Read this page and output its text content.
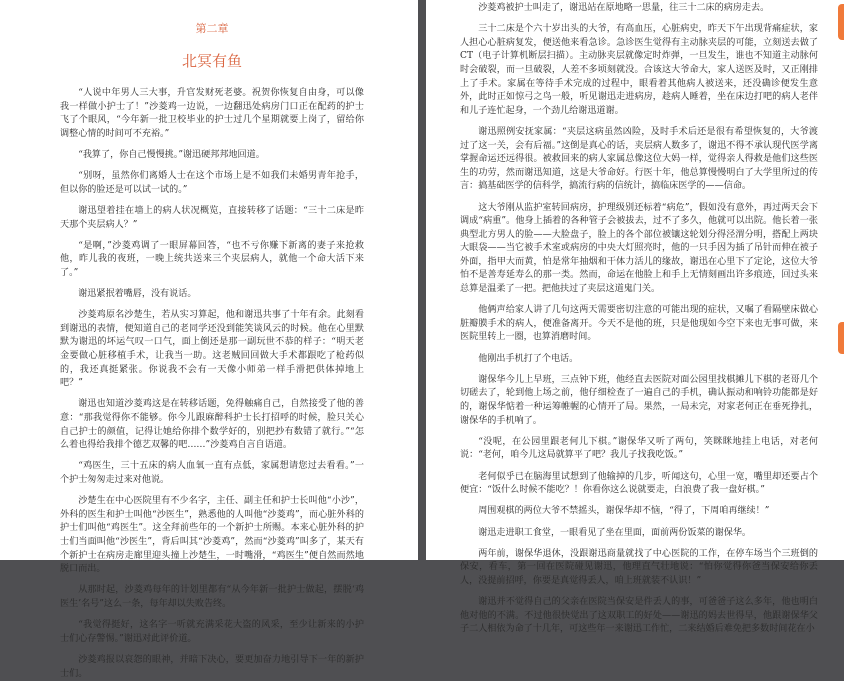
第二章
北冥有鱼

“人说中年男人三大事，升官发财死老婆。祝贺你恢复自由身，可以像我一样做小护士了！”沙菱鸡一边说，一边翻迅处病房门口正在配药的护士飞了个眼风，“今年新一批卫校毕业的护士过几个星期就要上岗了，留给你调整心情的时间可不充裕。”

“我算了，你自己慢慢挑。”谢迅硬邦邦地回道。

“别呀，虽然你们离婚人士在这个市场上是不如我们未婚男青年抢手，但以你的脸还是可以试一试的。”

谢迅望着挂在墙上的病人状况概览，直接转移了话题：“三十二床是昨天那个夹层病人？”

“是啊，”沙菱鸡调了一眼屏幕回答，“也不亏你赚下新离的妻子来抢救他，昨儿我的夜班，一晚上统共送来三个夹层病人，就他一个命大活下来了。”

谢迅紧抿着嘴唇，没有说话。

沙菱鸡原名沙楚生，若从实习算起，他和谢迅共事了十年有余。此刻看到谢迅的表情，便知道自己的老同学还没到能笑谈风云的时候。他在心里默默为谢迅的坏运气叹一口气，面上倒还是那一副玩世不恭的样子：“明天老金要做心脏移植手术，让我当一助。这老贼回回做大手术都跟吃了枪药似的，我还真挺紧张。你说我不会有一天像小师弟一样手滑把供体掉地上吧？”

谢迅也知道沙菱鸡这是在转移话题，免得触痛自己，自然接受了他的善意：“那我觉得你不能够。你今儿跟麻醉科护士长打招呼的时候，脸只关心自己护士的颜值，记得让她给你排个数学好的，别把抄有数错了就行。”“怎么着也得给我排个德艺双馨的吧……”沙菱鸡自言自语道。

“鸡医生，三十五床的病人血氧一直有点低，家属想请您过去看看。”一个护士匆匆走过来对他说。

沙楚生在中心医院里有不少名字，主任、副主任和护士长叫他“小沙”，外科的医生和护士叫他“沙医生”，熟悉他的人叫他“沙菱鸡”，而心脏外科的护士们叫他“鸡医生”。这全拜前些年的一个新护士所赐。本来心脏外科的护士们当面叫他“沙医生”，背后叫其“沙菱鸡”，然而“沙菱鸡”叫多了，某天有个新护士在病房走廊里迎头撞上沙楚生，一时嘴滑，“鸡医生”便自然而然地脱口而出。

从那时起，沙菱鸡每年的计划里都有“从今年新一批护士做起，摆脱‘鸡医生’名号”这么一条，每年却以失败告终。

“我觉得挺好，这名字一听就充满采花大盗的风采，至少让新来的小护士们心存警惕。”谢迅对此评价道。

沙菱鸡报以哀怨的眼神，并暗下决心，要更加奋力地引导下一年的新护士们。

沙菱鸡被护士叫走了，谢迅站在原地略一思量，往三十二床的病房走去。

三十二床是个六十岁出头的大爷，有高血压，心脏病史，昨天下午出现背痛症状，家人担心心脏病复发，便送他来看急诊。急诊医生觉得有主动脉夹层的可能，立刻送去做了CT（电子计算机断层扫描）。主动脉夹层就像定时炸弹，一旦发生，谁也不知道主动脉何时会破裂，而一旦破裂，人差不多顷刻就没。合该这大爷命大，家人送医及时，又正刚排上了手术。家属在等待手术完成的过程中，眼看着其他病人被送来，还没确诊便发生意外，此时正如惊弓之鸟一般，听见谢迅走进病房，趁病人睡着，坐在床边打吧的病人老伴和儿子连忙起身，一个劲儿给谢迅道谢。

谢迅照例安抚家属：“夹层这病虽然凶险，及时手术后还是很有希望恢复的，大爷渡过了这一关，会有后福。”这倒是真心的话，夹层病人数多了，谢迅不得不承认现代医学离掌握命运还远得很。被救回来的病人家属总像这位大妈一样，觉得亲人得救是他们这些医生的功劳，然而谢迅知道，这是大爷命好。行医十年，他总算慢慢明白了大学里所过的传言：搞基础医学的信科学，搞流行病的信统计，搞临床医学的——信命。

这大爷刚从监护室转回病房，护理级别还标着“病危”，假如没有意外，再过两天会下调成“病重”。他身上插着的各种管子会被拔去，过不了多久，他就可以出院。他长着一张典型北方男人的脸——大脸盘子，脸上的各个部位被镶这轮划分得泾渭分明，搭配上两块大眼袋——当它被手术室或病房的中央大灯照亮时，他的一只手因为插了吊针而伸在被子外面，指甲大而黄，怕是常年抽烟和干体力活儿的缘故，谢迅在心里下了定论，这位大爷怕不是善寿延寿么的那一类。然而，命运在他脸上和手上无情刻画出许多痕迹，回过头来总算是温柔了一把。把他扶过了夹层这道鬼门关。

他俩声给家人讲了几句这两天需要密切注意的可能出现的症状，又嘱了看隔壁床做心脏瓣膜手术的病人，便准备离开。今天不是他的班，只是他现如今空下来也无事可做，来医院里转上一圈，也算消磨时间。

他刚出手机打了个电话。

谢保华今儿上早班，三点钟下班，他经直去医院对面公园里找棋摊儿下棋的老哥几个切磋去了，轮到他上场之前，他仔细检查了一遍自己的手机，确认振动和响铃功能都是好的，谢保华惦着一种运筹帷幄的心情开了局。果然，一局未完，对家老何正在垂死挣扎，谢保华的手机响了。

“没呢，在公园里跟老何儿下棋。”谢保华又听了两句，笑眯眯地挂上电话，对老何说：“老何，咱今儿这局就算平了吧？我儿子找我吃饭。”

老何似乎已在脑海里试想到了他输掉的几步，听闻这句，心里一宽，嘴里却还要占个便宜：“饭什么时候不能吃？！你看你这么说就要走，白浪费了我一盘好棋。”

周围观棋的两位大爷不禁摇头，谢保华却不恼，“得了，下周咱再继续！”

谢迅走进职工食堂，一眼看见了坐在里面，面前两份饭菜的谢保华。

两年前，谢保华退休，没跟谢迅商量就找了中心医院的工作，在停车场当个三班倒的保安，看车，第一回在医院碰见谢迅，他理直气壮地说：“怕你觉得你爸当保安给你丢人，没提前招呼，你要是真觉得丢人，咱上班就装不认识！”

谢迅并不觉得自己的父亲在医院当保安是件丢人的事，可爸爸子这么多年，他也明白他对他的不满。不过他很快觉出了这双职工的好处——谢迅的妈去世得早，他跟谢保华父子二人相依为命了十几年，可这些年一来谢迅工作忙，二来结婚后难免把多数时间花在小
